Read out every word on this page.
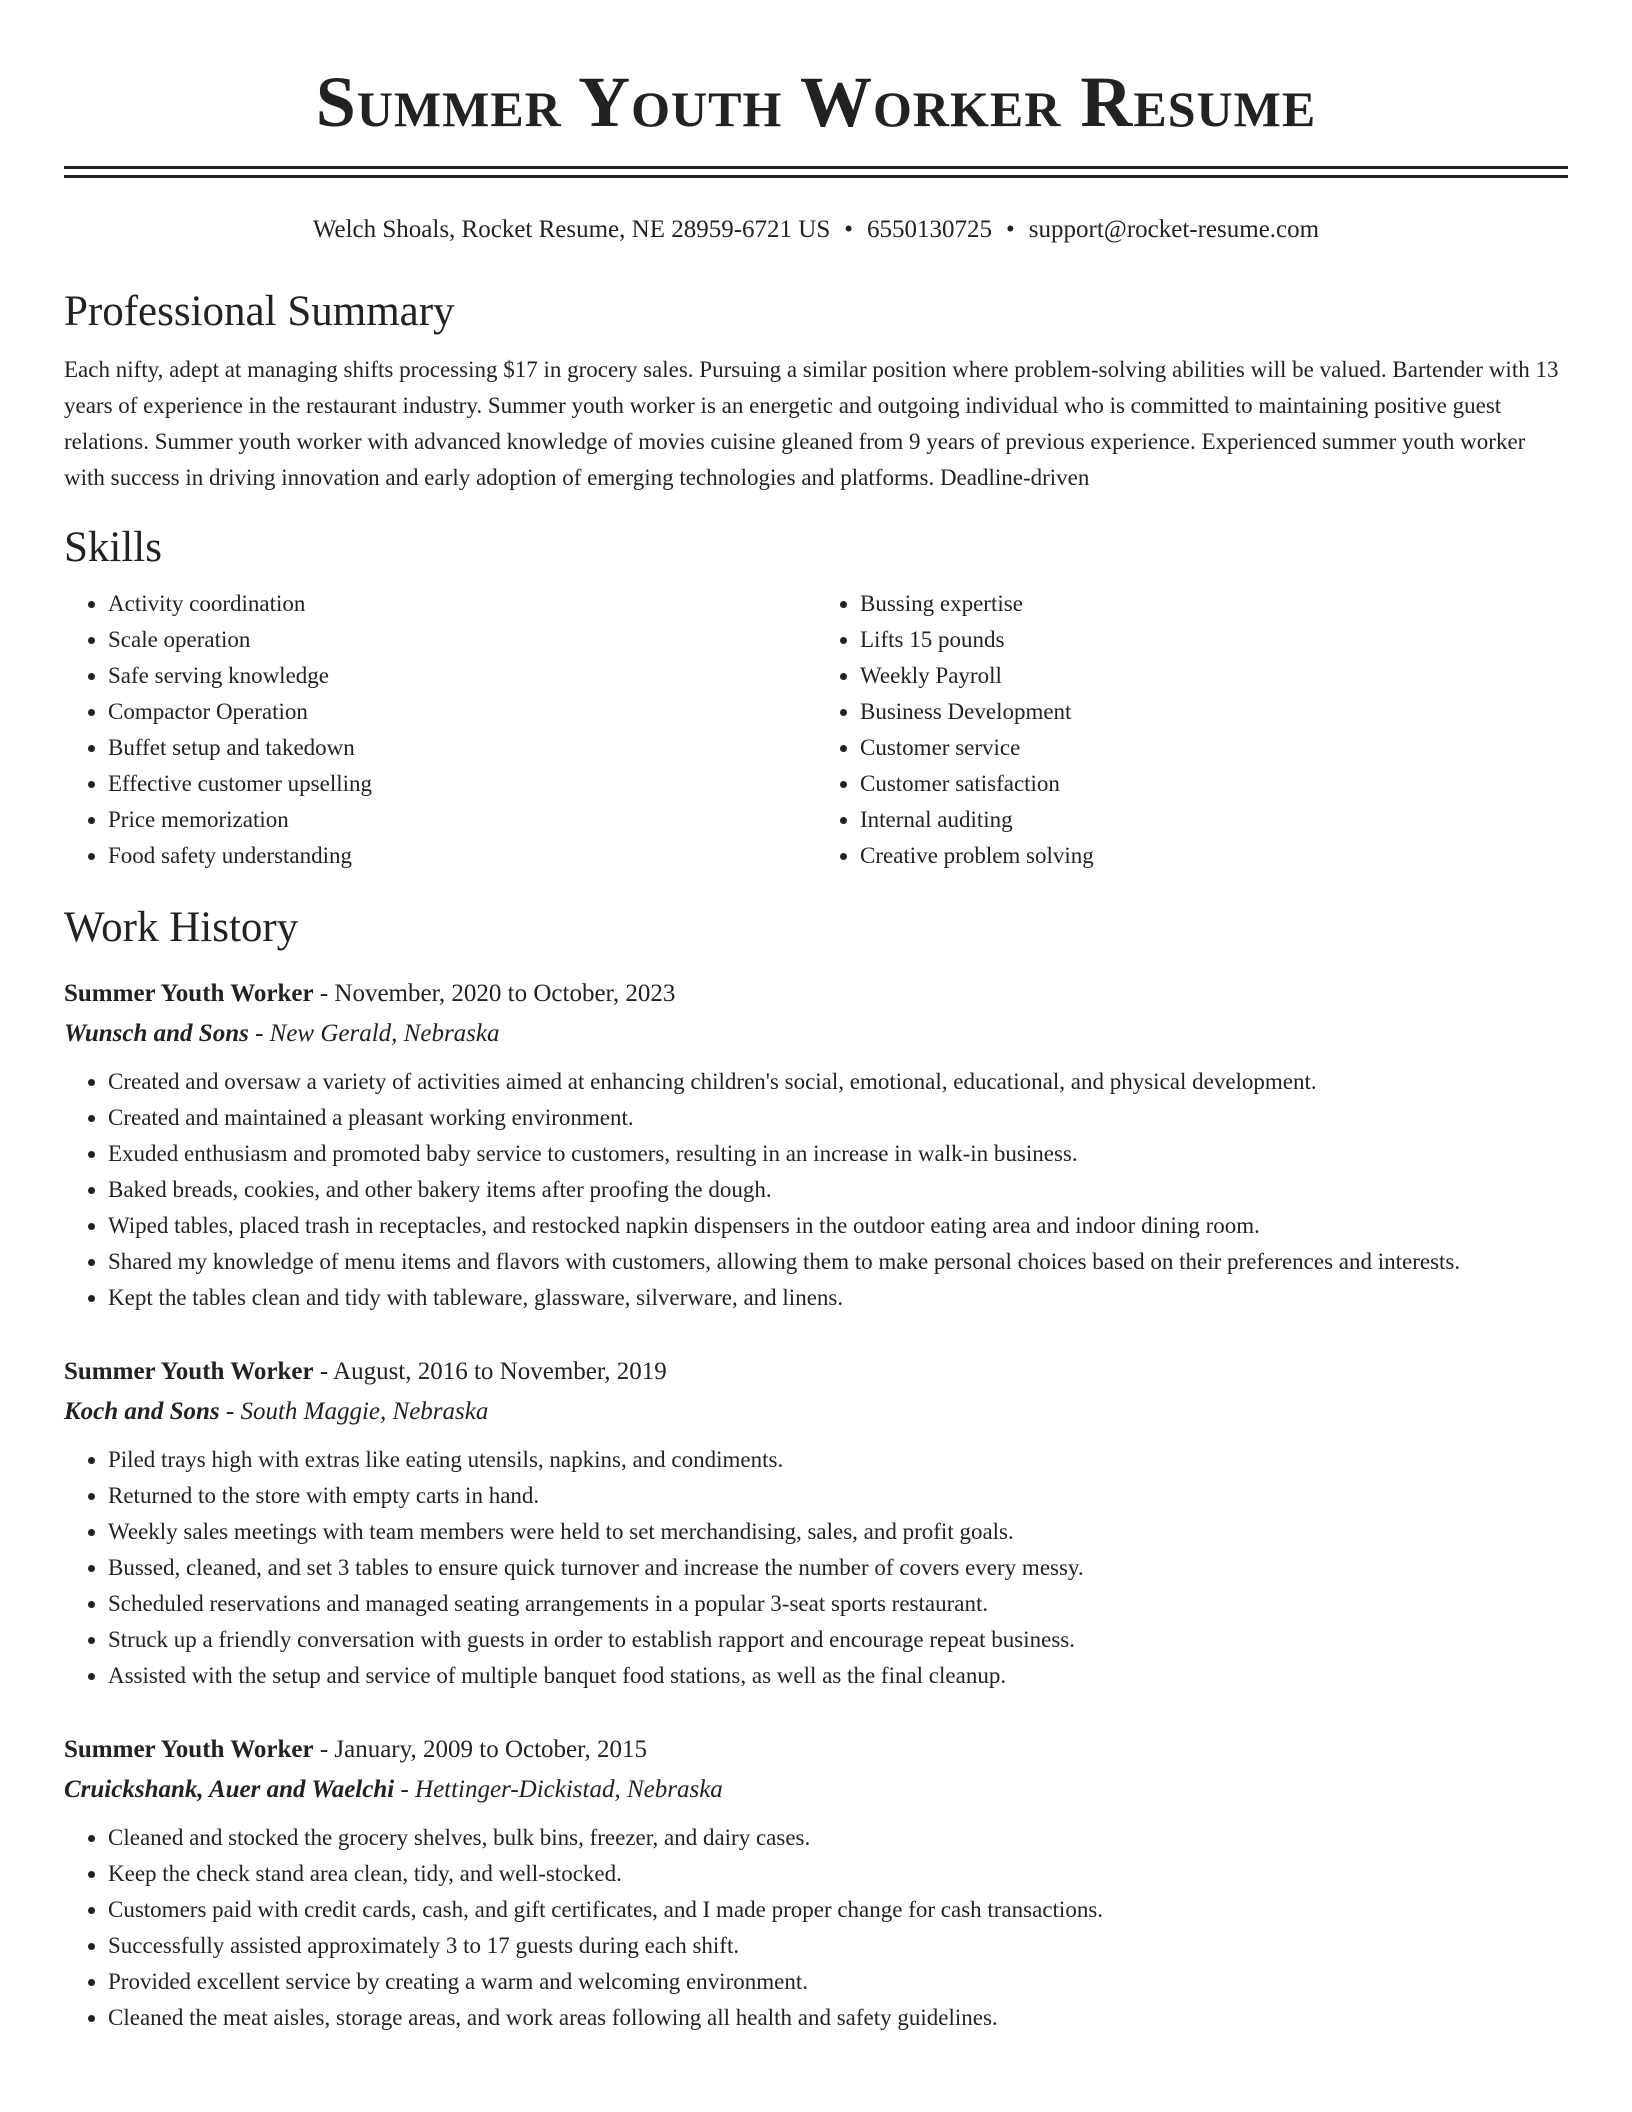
Summer Youth Worker Resume
Welch Shoals, Rocket Resume, NE 28959-6721 US • 6550130725 • support@rocket-resume.com
Professional Summary

Each nifty, adept at managing shifts processing $17 in grocery sales. Pursuing a similar position where problem-solving abilities will be valued. Bartender with 13 years of experience in the restaurant industry. Summer youth worker is an energetic and outgoing individual who is committed to maintaining positive guest relations. Summer youth worker with advanced knowledge of movies cuisine gleaned from 9 years of previous experience. Experienced summer youth worker with success in driving innovation and early adoption of emerging technologies and platforms. Deadline-driven

Skills
• Activity coordination
• Scale operation
• Safe serving knowledge
• Compactor Operation
• Buffet setup and takedown
• Effective customer upselling
• Price memorization
• Food safety understanding
• Bussing expertise
• Lifts 15 pounds
• Weekly Payroll
• Business Development
• Customer service
• Customer satisfaction
• Internal auditing
• Creative problem solving
Work History
Summer Youth Worker - November, 2020 to October, 2023
Wunsch and Sons - New Gerald, Nebraska
• Created and oversaw a variety of activities aimed at enhancing children's social, emotional, educational, and physical development.
• Created and maintained a pleasant working environment.
• Exuded enthusiasm and promoted baby service to customers, resulting in an increase in walk-in business.
• Baked breads, cookies, and other bakery items after proofing the dough.
• Wiped tables, placed trash in receptacles, and restocked napkin dispensers in the outdoor eating area and indoor dining room.
• Shared my knowledge of menu items and flavors with customers, allowing them to make personal choices based on their preferences and interests.
• Kept the tables clean and tidy with tableware, glassware, silverware, and linens.
Summer Youth Worker - August, 2016 to November, 2019
Koch and Sons - South Maggie, Nebraska
• Piled trays high with extras like eating utensils, napkins, and condiments.
• Returned to the store with empty carts in hand.
• Weekly sales meetings with team members were held to set merchandising, sales, and profit goals.
• Bussed, cleaned, and set 3 tables to ensure quick turnover and increase the number of covers every messy.
• Scheduled reservations and managed seating arrangements in a popular 3-seat sports restaurant.
• Struck up a friendly conversation with guests in order to establish rapport and encourage repeat business.
• Assisted with the setup and service of multiple banquet food stations, as well as the final cleanup.
Summer Youth Worker - January, 2009 to October, 2015
Cruickshank, Auer and Waelchi - Hettinger-Dickistad, Nebraska
• Cleaned and stocked the grocery shelves, bulk bins, freezer, and dairy cases.
• Keep the check stand area clean, tidy, and well-stocked.
• Customers paid with credit cards, cash, and gift certificates, and I made proper change for cash transactions.
• Successfully assisted approximately 3 to 17 guests during each shift.
• Provided excellent service by creating a warm and welcoming environment.
• Cleaned the meat aisles, storage areas, and work areas following all health and safety guidelines.
